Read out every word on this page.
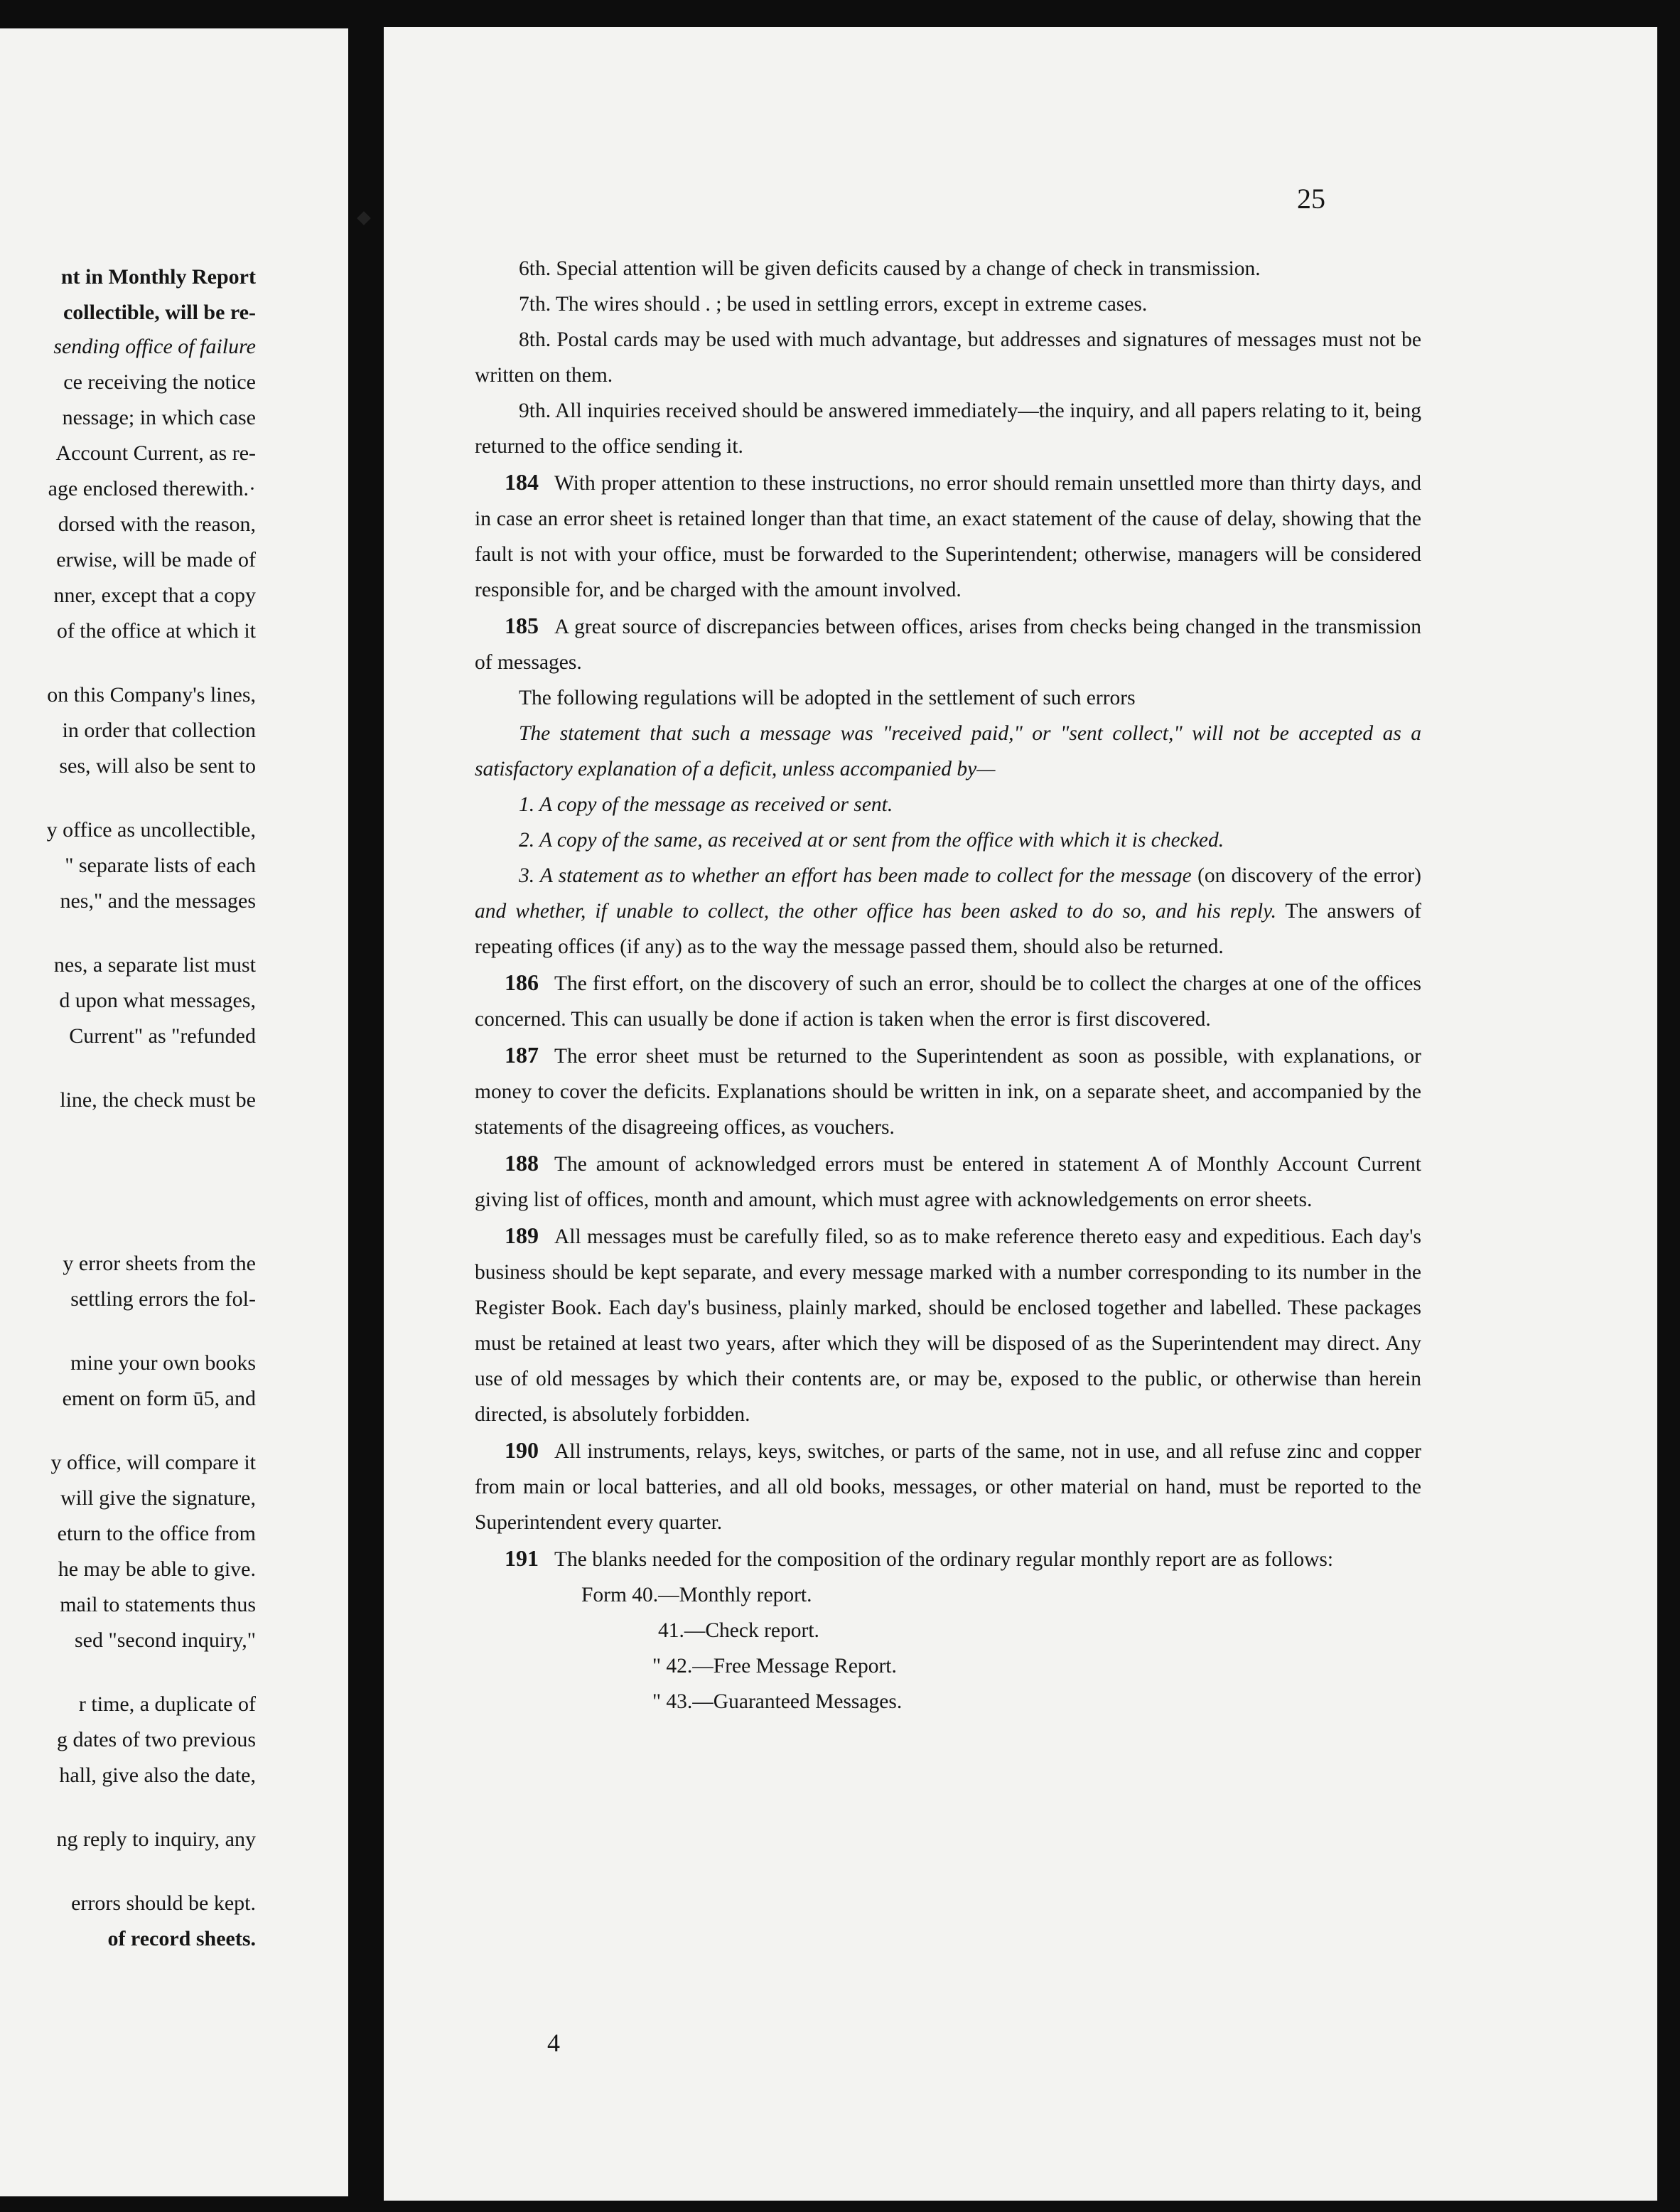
nt in Monthly Report
collectible, will be re-
sending office of failure
ce receiving the notice
nessage; in which case
Account Current, as re-
age enclosed therewith.·
dorsed with the reason,
erwise, will be made of
nner, except that a copy
of the office at which it
on this Company's lines,
in order that collection
ses, will also be sent to
y office as uncollectible,
" separate lists of each
nes," and the messages
nes, a separate list must
d upon what messages,
Current" as "refunded
line, the check must be
y error sheets from the
settling errors the fol-
mine your own books
ement on form ū5, and
y office, will compare it
will give the signature,
eturn to the office from
he may be able to give.
mail to statements thus
sed "second inquiry,"
r time, a duplicate of
g dates of two previous
hall, give also the date,
ng reply to inquiry, any
errors should be kept.
of record sheets.
25

6th. Special attention will be given deficits caused by a change of check in transmission.

7th. The wires should . ; be used in settling errors, except in extreme cases.

8th. Postal cards may be used with much advantage, but addresses and signatures of messages must not be written on them.

9th. All inquiries received should be answered immediately—the inquiry, and all papers relating to it, being returned to the office sending it.

184 With proper attention to these instructions, no error should remain unsettled more than thirty days, and in case an error sheet is retained longer than that time, an exact statement of the cause of delay, showing that the fault is not with your office, must be forwarded to the Superintendent; otherwise, managers will be considered responsible for, and be charged with the amount involved.

185 A great source of discrepancies between offices, arises from checks being changed in the transmission of messages.

The following regulations will be adopted in the settlement of such errors

The statement that such a message was "received paid," or "sent collect," will not be accepted as a satisfactory explanation of a deficit, unless accompanied by—

1. A copy of the message as received or sent.

2. A copy of the same, as received at or sent from the office with which it is checked.

3. A statement as to whether an effort has been made to collect for the message (on discovery of the error) and whether, if unable to collect, the other office has been asked to do so, and his reply. The answers of repeating offices (if any) as to the way the message passed them, should also be returned.

186 The first effort, on the discovery of such an error, should be to collect the charges at one of the offices concerned. This can usually be done if action is taken when the error is first discovered.

187 The error sheet must be returned to the Superintendent as soon as possible, with explanations, or money to cover the deficits. Explanations should be written in ink, on a separate sheet, and accompanied by the statements of the disagreeing offices, as vouchers.

188 The amount of acknowledged errors must be entered in statement A of Monthly Account Current giving list of offices, month and amount, which must agree with acknowledgements on error sheets.

189 All messages must be carefully filed, so as to make reference thereto easy and expeditious. Each day's business should be kept separate, and every message marked with a number corresponding to its number in the Register Book. Each day's business, plainly marked, should be enclosed together and labelled. These packages must be retained at least two years, after which they will be disposed of as the Superintendent may direct. Any use of old messages by which their contents are, or may be, exposed to the public, or otherwise than herein directed, is absolutely forbidden.

190 All instruments, relays, keys, switches, or parts of the same, not in use, and all refuse zinc and copper from main or local batteries, and all old books, messages, or other material on hand, must be reported to the Superintendent every quarter.

191 The blanks needed for the composition of the ordinary regular monthly report are as follows:

Form 40.—Monthly report.
41.—Check report.
" 42.—Free Message Report.
" 43.—Guaranteed Messages.
4
